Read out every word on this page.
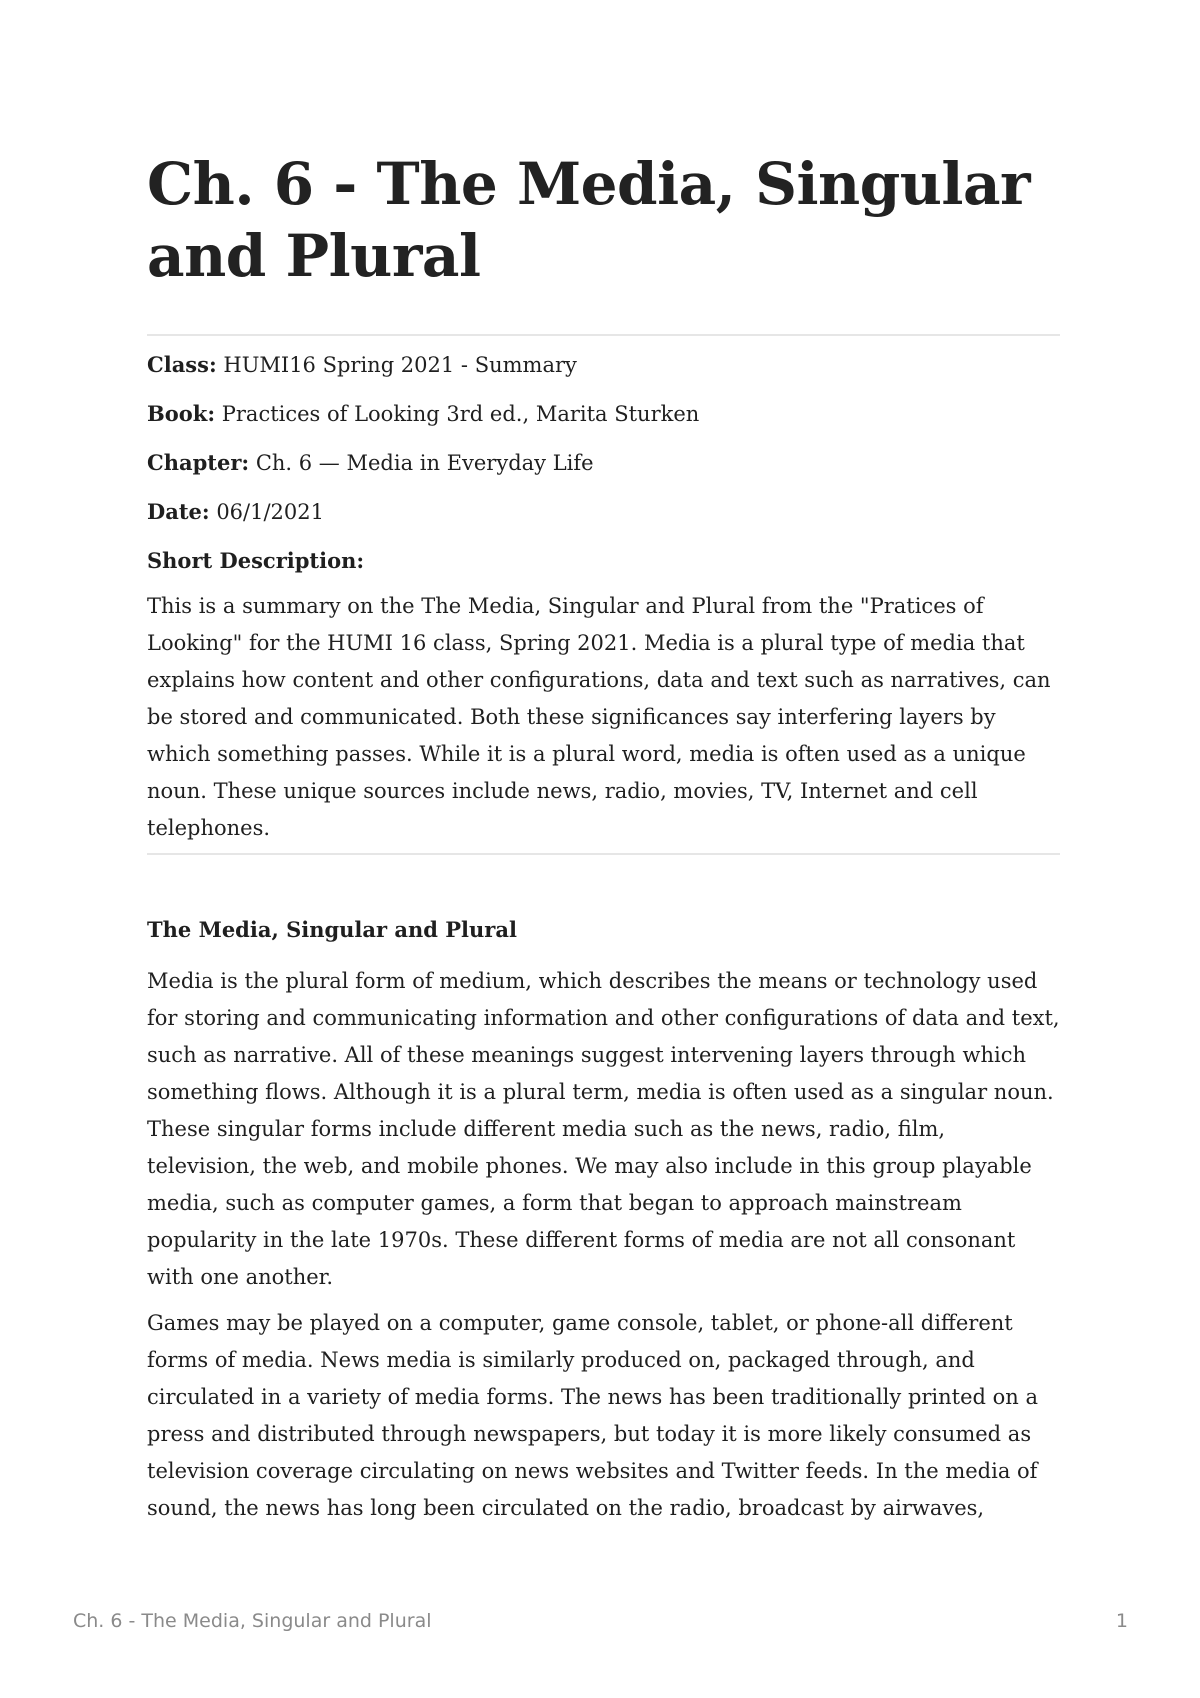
Ch. 6 - The Media, Singular and Plural
Class: HUMI16 Spring 2021 - Summary
Book: Practices of Looking 3rd ed., Marita Sturken
Chapter: Ch. 6 — Media in Everyday Life
Date: 06/1/2021
Short Description:

This is a summary on the The Media, Singular and Plural from the "Pratices of Looking" for the HUMI 16 class, Spring 2021. Media is a plural type of media that explains how content and other configurations, data and text such as narratives, can be stored and communicated. Both these significances say interfering layers by which something passes. While it is a plural word, media is often used as a unique noun. These unique sources include news, radio, movies, TV, Internet and cell telephones.

The Media, Singular and Plural

Media is the plural form of medium, which describes the means or technology used for storing and communicating information and other configurations of data and text, such as narrative. All of these meanings suggest intervening layers through which something flows. Although it is a plural term, media is often used as a singular noun. These singular forms include different media such as the news, radio, film, television, the web, and mobile phones. We may also include in this group playable media, such as computer games, a form that began to approach mainstream popularity in the late 1970s. These different forms of media are not all consonant with one another.

Games may be played on a computer, game console, tablet, or phone-all different forms of media. News media is similarly produced on, packaged through, and circulated in a variety of media forms. The news has been traditionally printed on a press and distributed through newspapers, but today it is more likely consumed as television coverage circulating on news websites and Twitter feeds. In the media of sound, the news has long been circulated on the radio, broadcast by airwaves,

Ch. 6 - The Media, Singular and Plural	1
